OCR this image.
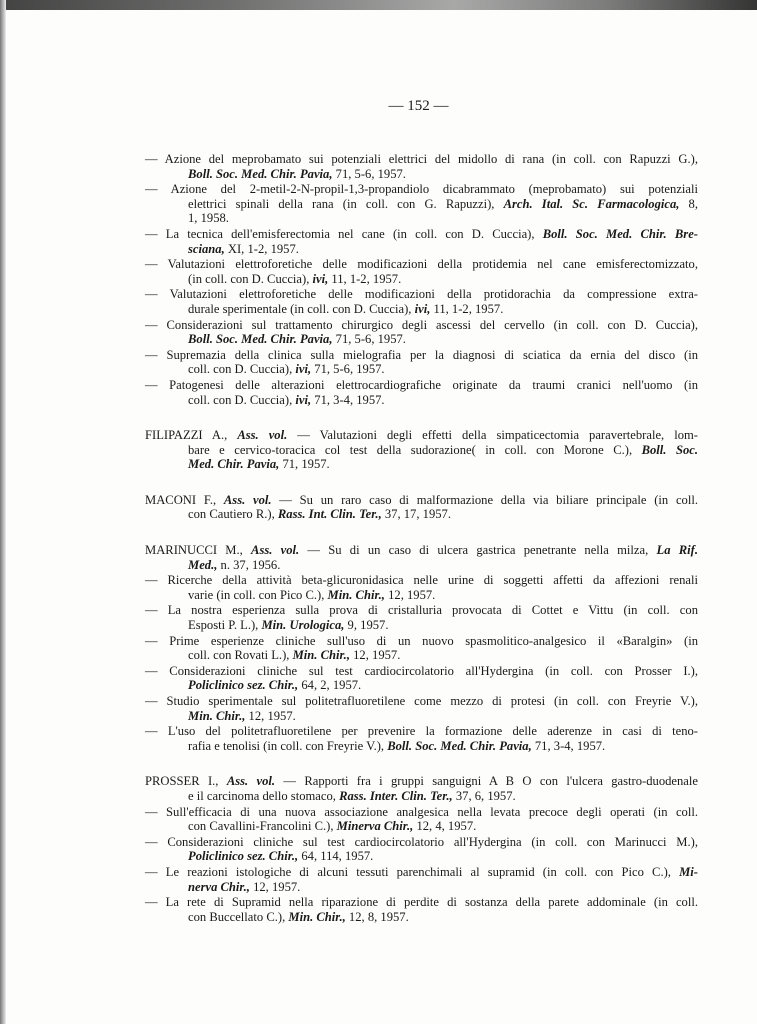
— 152 —
— Azione del meprobamato sui potenziali elettrici del midollo di rana (in coll. con Rapuzzi G.),
Boll. Soc. Med. Chir. Pavia, 71, 5-6, 1957.
— Azione del 2-metil-2-N-propil-1,3-propandiolo dicabrammato (meprobamato) sui potenziali
elettrici spinali della rana (in coll. con G. Rapuzzi), Arch. Ital. Sc. Farmacologica, 8,
1, 1958.
— La tecnica dell'emisferectomia nel cane (in coll. con D. Cuccia), Boll. Soc. Med. Chir. Bre-
sciana, XI, 1-2, 1957.
— Valutazioni elettroforetiche delle modificazioni della protidemia nel cane emisferectomizzato,
(in coll. con D. Cuccia), ivi, 11, 1-2, 1957.
— Valutazioni elettroforetiche delle modificazioni della protidorachia da compressione extra-
durale sperimentale (in coll. con D. Cuccia), ivi, 11, 1-2, 1957.
— Considerazioni sul trattamento chirurgico degli ascessi del cervello (in coll. con D. Cuccia),
Boll. Soc. Med. Chir. Pavia, 71, 5-6, 1957.
— Supremazia della clinica sulla mielografia per la diagnosi di sciatica da ernia del disco (in
coll. con D. Cuccia), ivi, 71, 5-6, 1957.
— Patogenesi delle alterazioni elettrocardiografiche originate da traumi cranici nell'uomo (in
coll. con D. Cuccia), ivi, 71, 3-4, 1957.
FILIPAZZI A., Ass. vol. — Valutazioni degli effetti della simpaticectomia paravertebrale, lom-
bare e cervico-toracica col test della sudorazione( in coll. con Morone C.), Boll. Soc.
Med. Chir. Pavia, 71, 1957.
MACONI F., Ass. vol. — Su un raro caso di malformazione della via biliare principale (in coll.
con Cautiero R.), Rass. Int. Clin. Ter., 37, 17, 1957.
MARINUCCI M., Ass. vol. — Su di un caso di ulcera gastrica penetrante nella milza, La Rif.
Med., n. 37, 1956.
— Ricerche della attività beta-glicuronidasica nelle urine di soggetti affetti da affezioni renali
varie (in coll. con Pico C.), Min. Chir., 12, 1957.
— La nostra esperienza sulla prova di cristalluria provocata di Cottet e Vittu (in coll. con
Esposti P. L.), Min. Urologica, 9, 1957.
— Prime esperienze cliniche sull'uso di un nuovo spasmolitico-analgesico il «Baralgin» (in
coll. con Rovati L.), Min. Chir., 12, 1957.
— Considerazioni cliniche sul test cardiocircolatorio all'Hydergina (in coll. con Prosser I.),
Policlinico sez. Chir., 64, 2, 1957.
— Studio sperimentale sul politetrafluoretilene come mezzo di protesi (in coll. con Freyrie V.),
Min. Chir., 12, 1957.
— L'uso del politetrafluoretilene per prevenire la formazione delle aderenze in casi di teno-
rafia e tenolisi (in coll. con Freyrie V.), Boll. Soc. Med. Chir. Pavia, 71, 3-4, 1957.
PROSSER I., Ass. vol. — Rapporti fra i gruppi sanguigni A B O con l'ulcera gastro-duodenale
e il carcinoma dello stomaco, Rass. Inter. Clin. Ter., 37, 6, 1957.
— Sull'efficacia di una nuova associazione analgesica nella levata precoce degli operati (in coll.
con Cavallini-Francolini C.), Minerva Chir., 12, 4, 1957.
— Considerazioni cliniche sul test cardiocircolatorio all'Hydergina (in coll. con Marinucci M.),
Policlinico sez. Chir., 64, 114, 1957.
— Le reazioni istologiche di alcuni tessuti parenchimali al supramid (in coll. con Pico C.), Mi-
nerva Chir., 12, 1957.
— La rete di Supramid nella riparazione di perdite di sostanza della parete addominale (in coll.
con Buccellato C.), Min. Chir., 12, 8, 1957.
